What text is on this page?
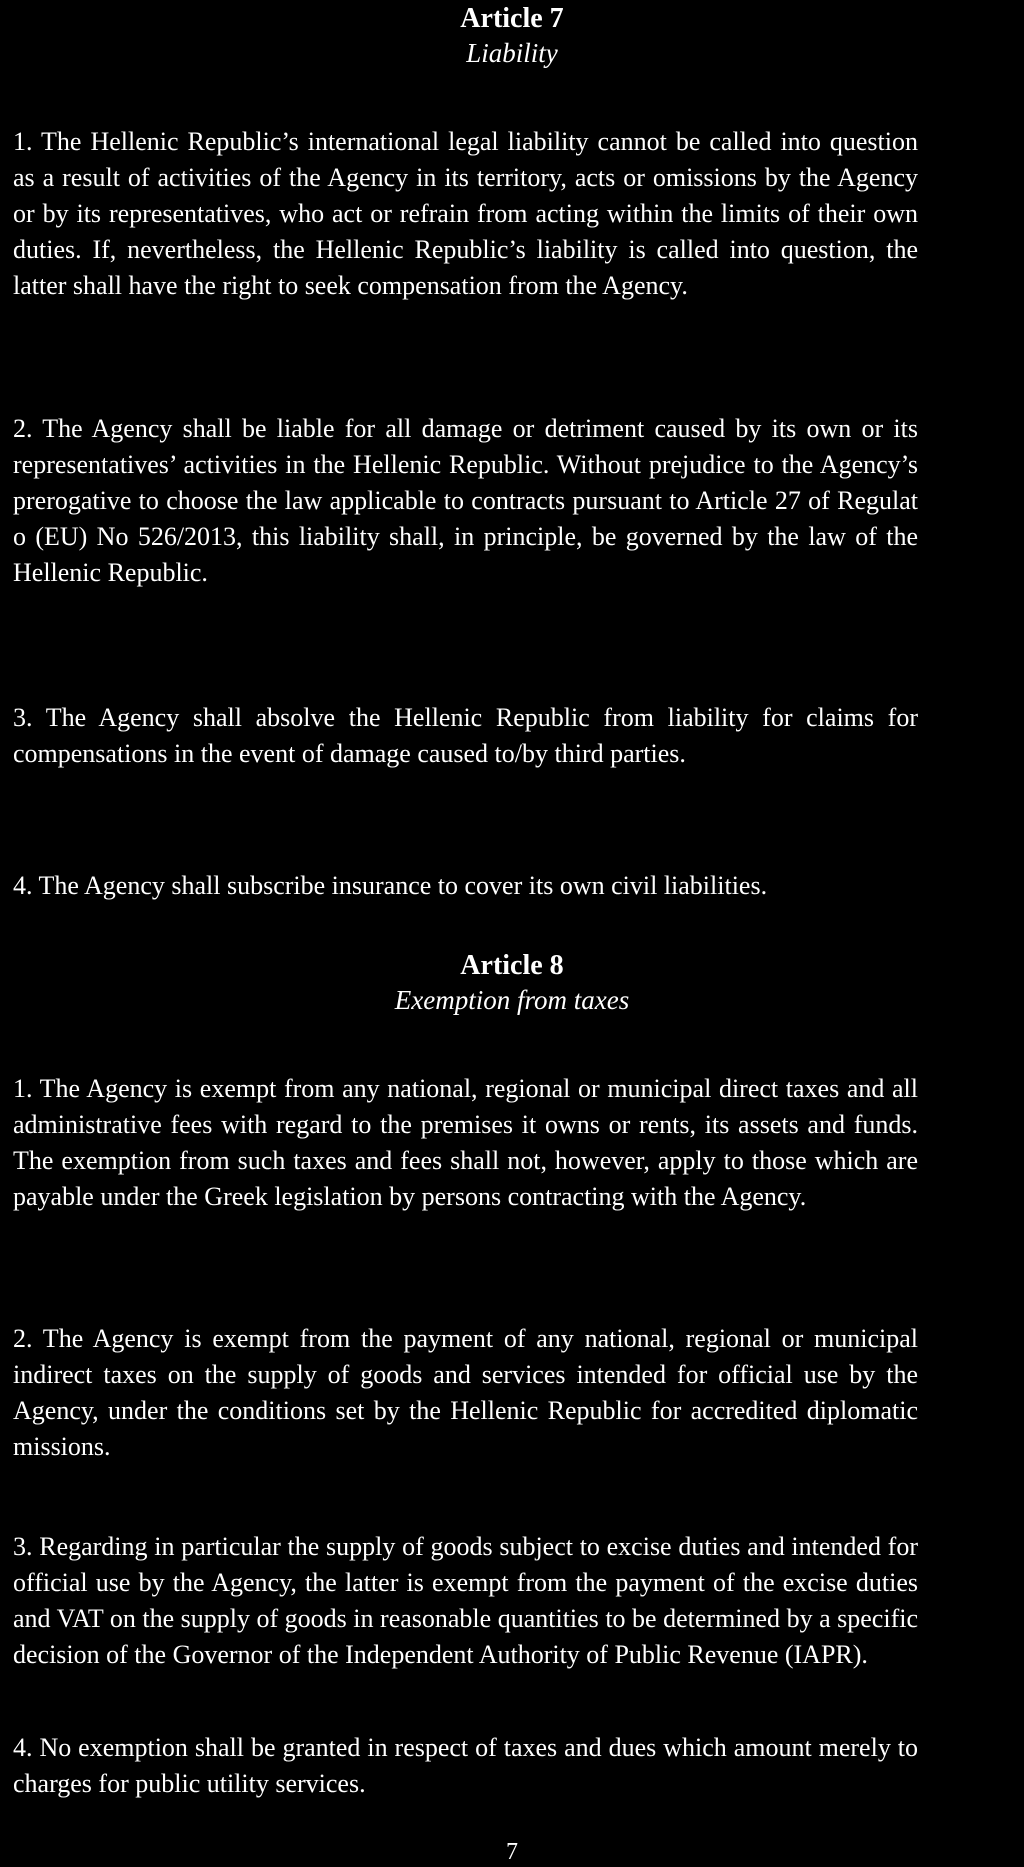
Article 7
Liability

1. The Hellenic Republic’s international legal liability cannot be called into question as a result of activities of the Agency in its territory, acts or omissions by the Agency or by its representatives, who act or refrain from acting within the limits of their own duties. If, nevertheless, the Hellenic Republic’s liability is called into question, the latter shall have the right to seek compensation from the Agency.

2. The Agency shall be liable for all damage or detriment caused by its own or its representatives’ activities in the Hellenic Republic. Without prejudice to the Agency’s prerogative to choose the law applicable to contracts pursuant to Article 27 of Regulat o (EU) No 526/2013, this liability shall, in principle, be governed by the law of the Hellenic Republic.

3. The Agency shall absolve the Hellenic Republic from liability for claims for compensations in the event of damage caused to/by third parties.

4. The Agency shall subscribe insurance to cover its own civil liabilities.

Article 8
Exemption from taxes

1. The Agency is exempt from any national, regional or municipal direct taxes and all administrative fees with regard to the premises it owns or rents, its assets and funds. The exemption from such taxes and fees shall not, however, apply to those which are payable under the Greek legislation by persons contracting with the Agency.

2. The Agency is exempt from the payment of any national, regional or municipal indirect taxes on the supply of goods and services intended for official use by the Agency, under the conditions set by the Hellenic Republic for accredited diplomatic missions.

3. Regarding in particular the supply of goods subject to excise duties and intended for official use by the Agency, the latter is exempt from the payment of the excise duties and VAT on the supply of goods in reasonable quantities to be determined by a specific decision of the Governor of the Independent Authority of Public Revenue (IAPR).

4. No exemption shall be granted in respect of taxes and dues which amount merely to charges for public utility services.

7
